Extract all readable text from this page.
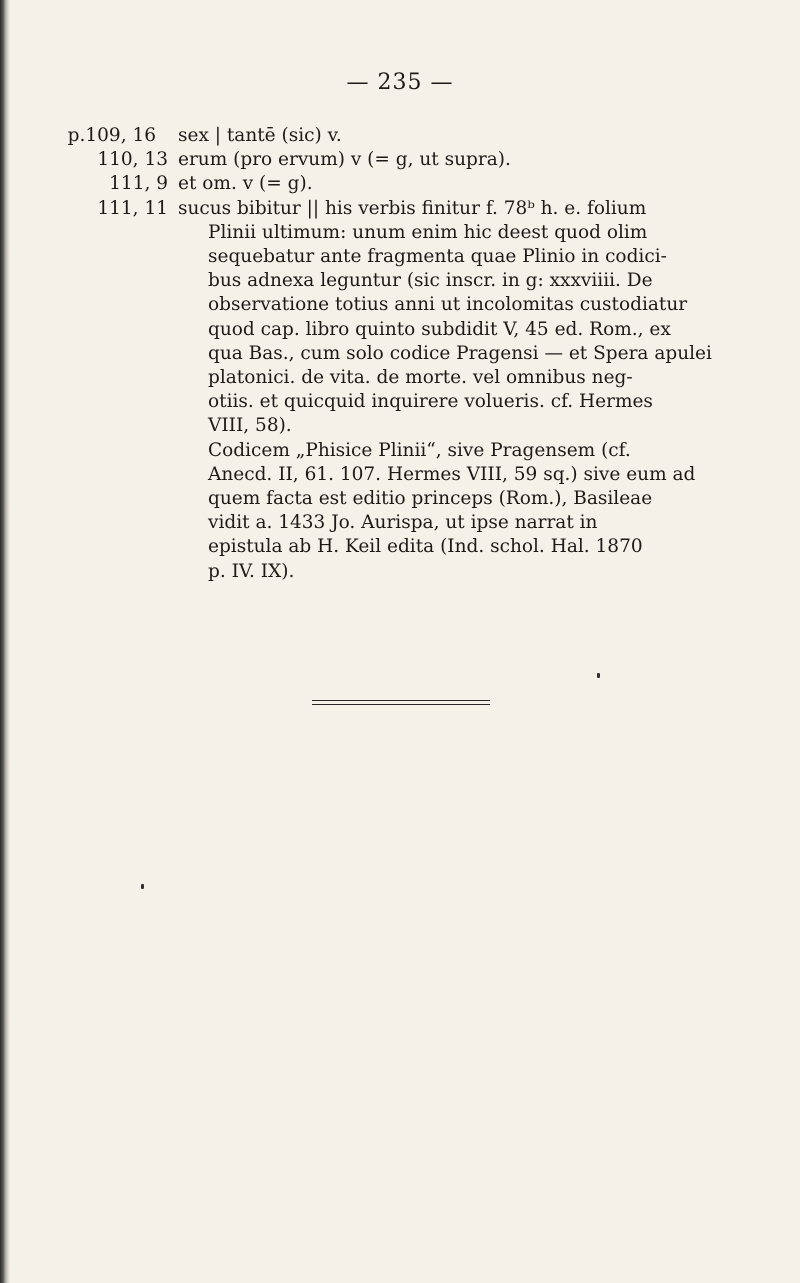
— 235 —
p.109, 16 sex | tantē (sic) v.
110, 13 erum (pro ervum) v (= g, ut supra).
111, 9 et om. v (= g).
111, 11 sucus bibitur || his verbis finitur f. 78ᵇ h. e. folium
Plinii ultimum: unum enim hic deest quod olim
sequebatur ante fragmenta quae Plinio in codici-
bus adnexa leguntur (sic inscr. in g: xxxviiii. De
observatione totius anni ut incolomitas custodiatur
quod cap. libro quinto subdidit V, 45 ed. Rom., ex
qua Bas., cum solo codice Pragensi — et Spera apulei
platonici. de vita. de morte. vel omnibus neg-
otiis. et quicquid inquirere volueris. cf. Hermes
VIII, 58).
Codicem „Phisice Plinii“, sive Pragensem (cf.
Anecd. II, 61. 107. Hermes VIII, 59 sq.) sive eum ad
quem facta est editio princeps (Rom.), Basileae
vidit a. 1433 Jo. Aurispa, ut ipse narrat in
epistula ab H. Keil edita (Ind. schol. Hal. 1870
p. IV. IX).
